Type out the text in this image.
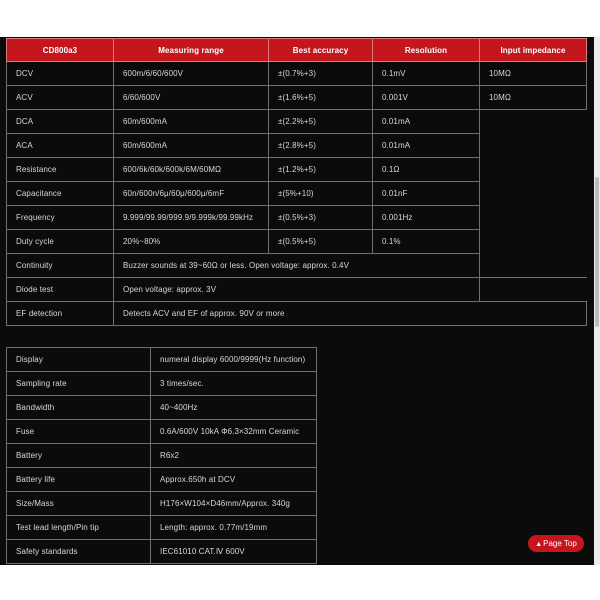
CD800a3	Measuring range	Best accuracy	Resolution	Input impedance
DCV	600m/6/60/600V	±(0.7%+3)	0.1mV	10MΩ
ACV	6/60/600V	±(1.6%+5)	0.001V	10MΩ
DCA	60m/600mA	±(2.2%+5)	0.01mA	
ACA	60m/600mA	±(2.8%+5)	0.01mA	
Resistance	600/6k/60k/600k/6M/60MΩ	±(1.2%+5)	0.1Ω	
Capacitance	60n/600n/6μ/60μ/600μ/6mF	±(5%+10)	0.01nF	
Frequency	9.999/99.99/999.9/9.999k/99.99kHz	±(0.5%+3)	0.001Hz	
Duty cycle	20%~80%	±(0.5%+5)	0.1%	
Continuity	Buzzer sounds at 39~60Ω or less. Open voltage: approx. 0.4V			
Diode test	Open voltage: approx. 3V			
EF detection	Detects ACV and EF of approx. 90V or more			
Display	numeral display 6000/9999(Hz function)
Sampling rate	3 times/sec.
Bandwidth	40~400Hz
Fuse	0.6A/600V 10kA Φ6.3×32mm Ceramic
Battery	R6x2
Battery life	Approx.650h at DCV
Size/Mass	H176×W104×D46mm/Approx. 340g
Test lead length/Pin tip	Length: approx. 0.77m/19mm
Safety standards	IEC61010 CAT.Ⅳ 600V
▲Page Top
